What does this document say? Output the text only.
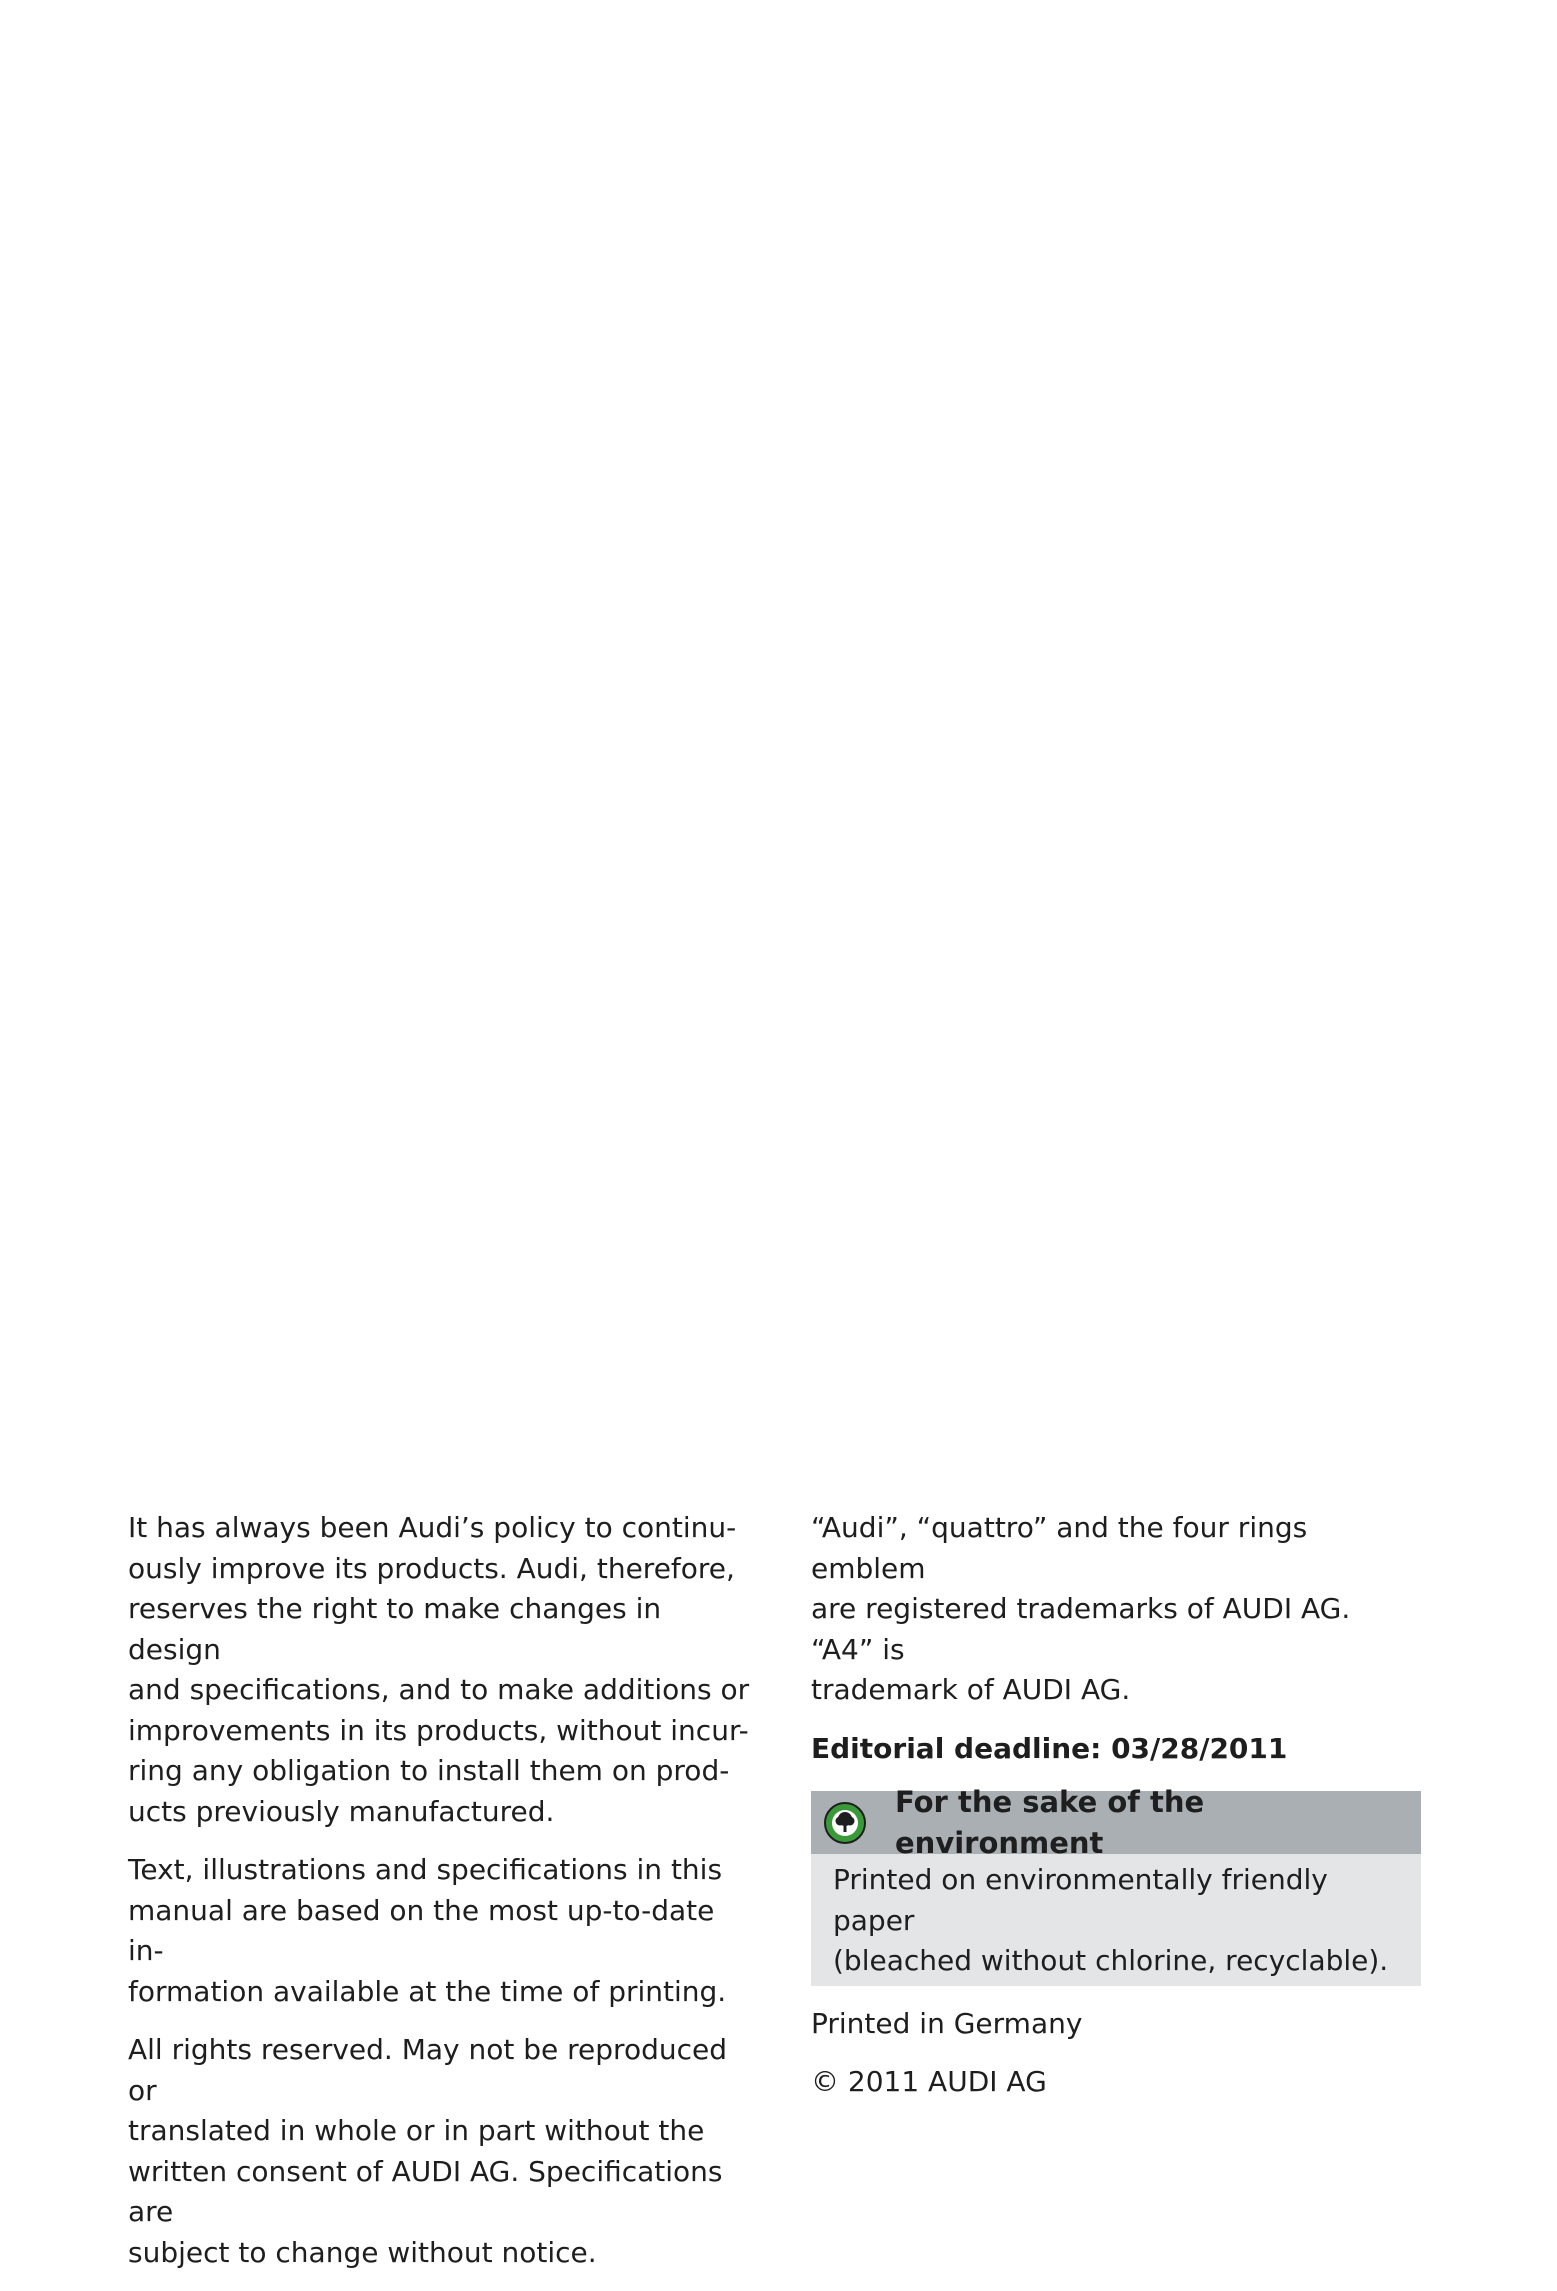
It has always been Audi’s policy to continu-
ously improve its products. Audi, therefore,
reserves the right to make changes in design
and specifications, and to make additions or
improvements in its products, without incur-
ring any obligation to install them on prod-
ucts previously manufactured.

Text, illustrations and specifications in this
manual are based on the most up-to-date in-
formation available at the time of printing.

All rights reserved. May not be reproduced or
translated in whole or in part without the
written consent of AUDI AG. Specifications are
subject to change without notice.

“Audi”, “quattro” and the four rings emblem
are registered trademarks of AUDI AG. “A4” is
trademark of AUDI AG.

Editorial deadline: 03/28/2011

For the sake of the environment
Printed on environmentally friendly paper
(bleached without chlorine, recyclable).

Printed in Germany

© 2011 AUDI AG
